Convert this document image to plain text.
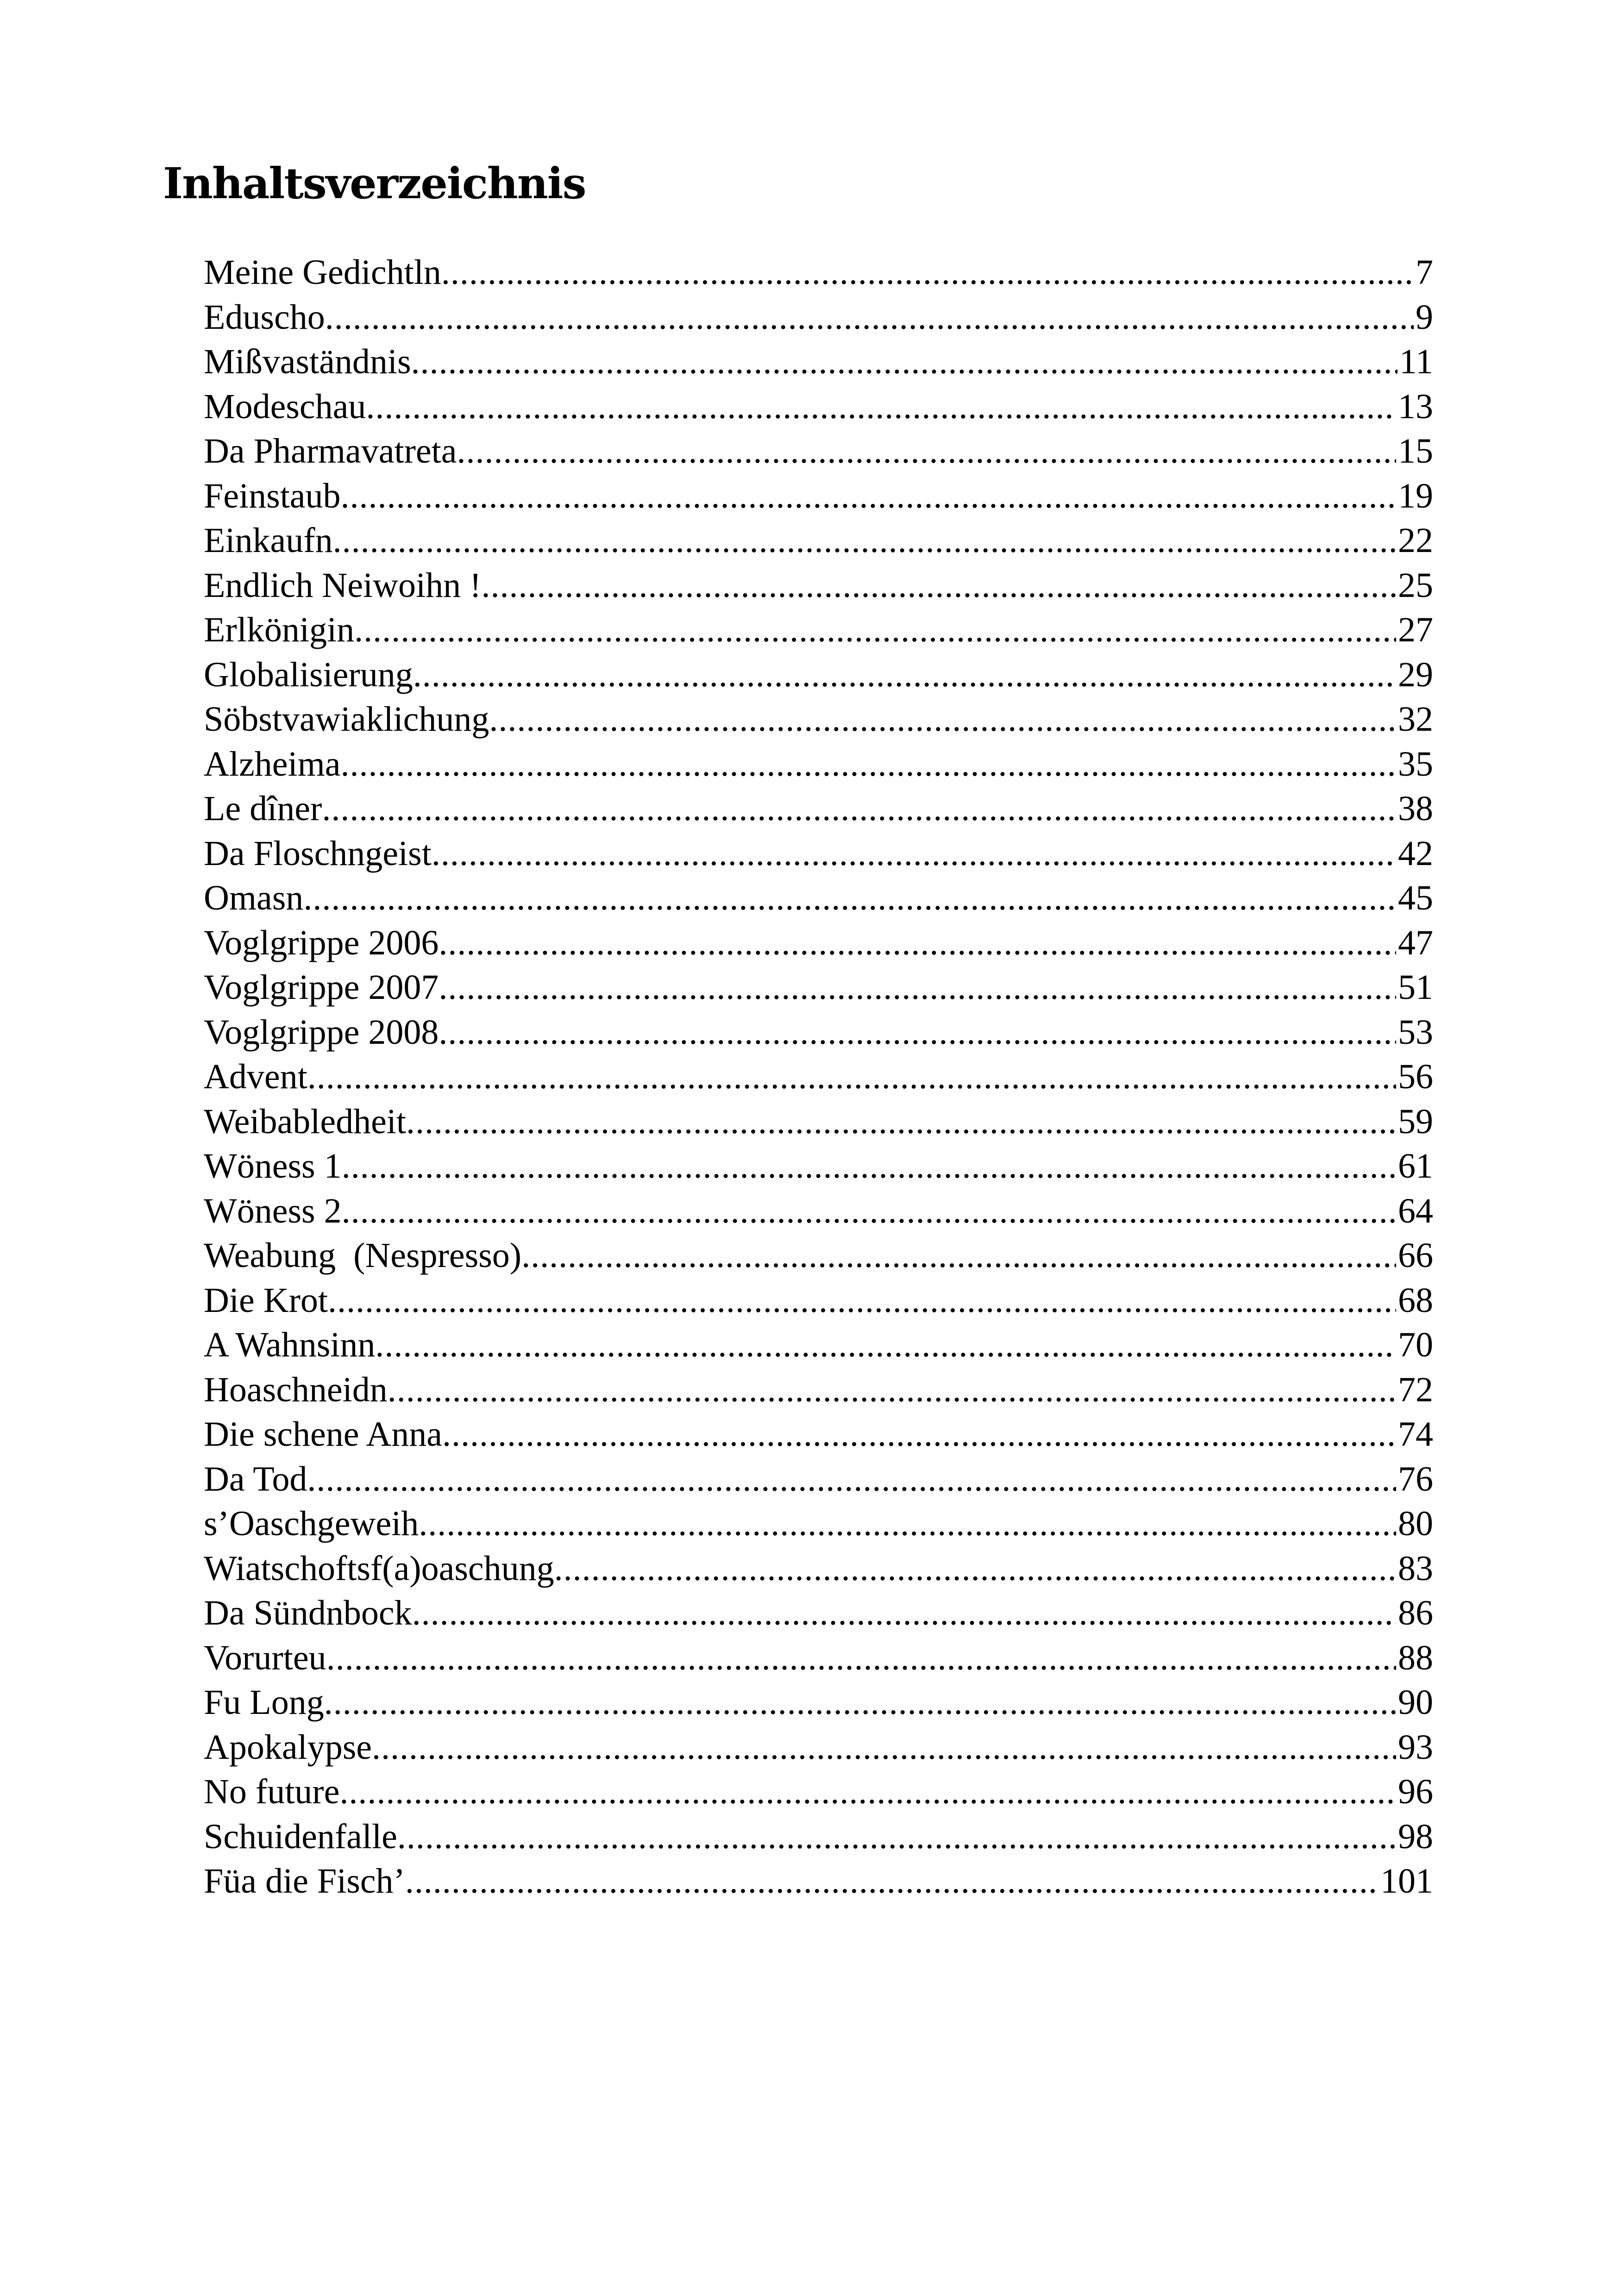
Inhaltsverzeichnis
Meine Gedichtln .....	7
Eduscho .....	9
Mißvaständnis .....	11
Modeschau .....	13
Da Pharmavatreta .....	15
Feinstaub .....	19
Einkaufn .....	22
Endlich Neiwoihn ! .....	25
Erlkönigin .....	27
Globalisierung .....	29
Söbstvawiaklichung .....	32
Alzheima .....	35
Le dîner .....	38
Da Floschngeist .....	42
Omasn .....	45
Voglgrippe 2006 .....	47
Voglgrippe 2007 .....	51
Voglgrippe 2008 .....	53
Advent .....	56
Weibabledheit .....	59
Wöness 1 .....	61
Wöness 2 .....	64
Weabung  (Nespresso) .....	66
Die Krot .....	68
A Wahnsinn .....	70
Hoaschneidn .....	72
Die schene Anna .....	74
Da Tod .....	76
s’Oaschgeweih .....	80
Wiatschoftsf(a)oaschung .....	83
Da Sündnbock .....	86
Vorurteu .....	88
Fu Long .....	90
Apokalypse .....	93
No future .....	96
Schuidenfalle .....	98
Füa die Fisch’ .....	101
